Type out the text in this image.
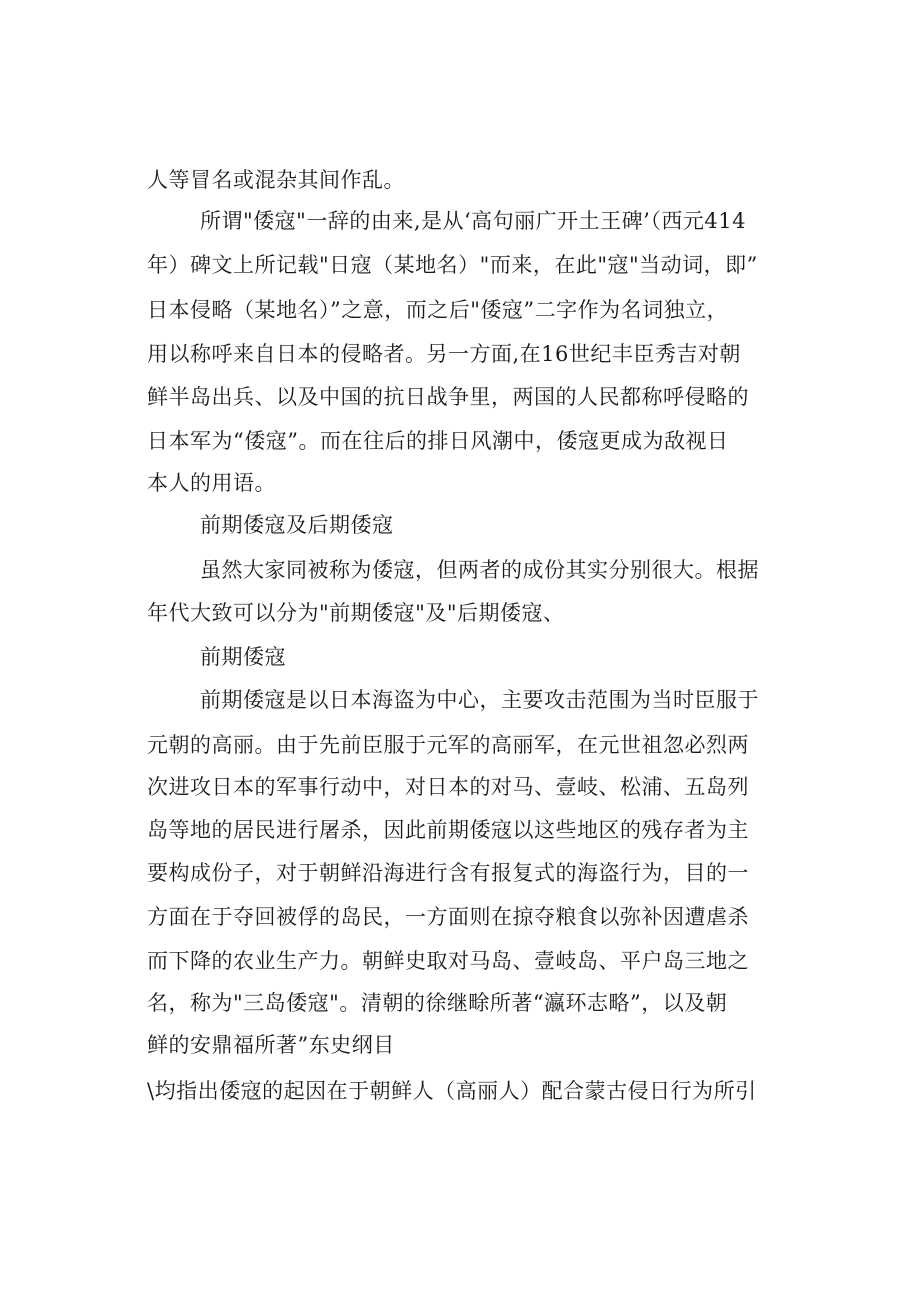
人等冒名或混杂其间作乱。
所谓"倭寇"一辞的由来,是从‘高句丽广开土王碑’（西元414
年）碑文上所记载"日寇（某地名）"而来，在此"寇"当动词，即”
日本侵略（某地名）”之意，而之后"倭寇”二字作为名词独立，
用以称呼来自日本的侵略者。另一方面,在16世纪丰臣秀吉对朝
鲜半岛出兵、以及中国的抗日战争里，两国的人民都称呼侵略的
日本军为“倭寇”。而在往后的排日风潮中，倭寇更成为敌视日
本人的用语。
前期倭寇及后期倭寇
虽然大家同被称为倭寇，但两者的成份其实分别很大。根据
年代大致可以分为"前期倭寇"及"后期倭寇、
前期倭寇
前期倭寇是以日本海盗为中心，主要攻击范围为当时臣服于
元朝的高丽。由于先前臣服于元军的高丽军，在元世祖忽必烈两
次进攻日本的军事行动中，对日本的对马、壹岐、松浦、五岛列
岛等地的居民进行屠杀，因此前期倭寇以这些地区的残存者为主
要构成份子，对于朝鲜沿海进行含有报复式的海盗行为，目的一
方面在于夺回被俘的岛民，一方面则在掠夺粮食以弥补因遭虐杀
而下降的农业生产力。朝鲜史取对马岛、壹岐岛、平户岛三地之
名，称为"三岛倭寇"。清朝的徐继畭所著“瀛环志略”，以及朝
鲜的安鼎福所著”东史纲目
\均指出倭寇的起因在于朝鲜人（高丽人）配合蒙古侵日行为所引
